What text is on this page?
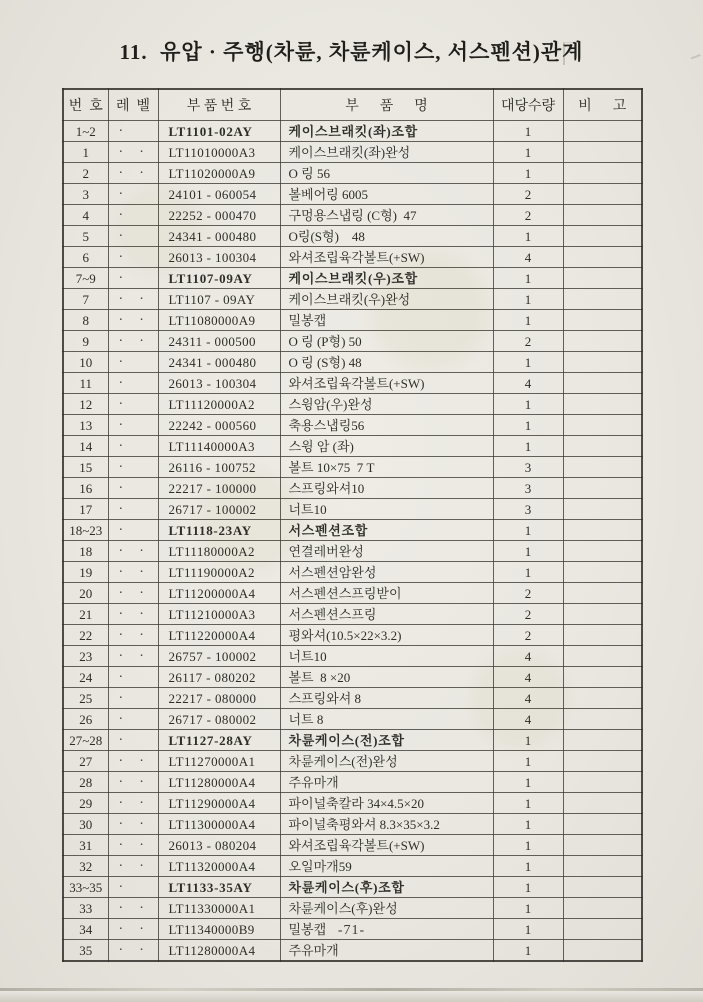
11.  유압 · 주행(차륜, 차륜케이스, 서스펜션)관계
번  호	레  벨	부 품 번 호	부      품      명	대당수량	비      고
1~2	·	LT1101-02AY	케이스브래킷(좌)조합	1	
1	· ·	LT11010000A3	케이스브래킷(좌)완성	1	
2	· ·	LT11020000A9	O 링 56	1	
3	·	24101 - 060054	볼베어링 6005	2	
4	·	22252 - 000470	구멍용스냅링 (C형)  47	2	
5	·	24341 - 000480	O링(S형)    48	1	
6	·	26013 - 100304	와셔조립육각볼트(+SW)	4	
7~9	·	LT1107-09AY	케이스브래킷(우)조합	1	
7	· ·	LT1107 - 09AY	케이스브래킷(우)완성	1	
8	· ·	LT11080000A9	밀봉캡	1	
9	· ·	24311 - 000500	O 링 (P형) 50	2	
10	·	24341 - 000480	O 링 (S형) 48	1	
11	·	26013 - 100304	와셔조립육각볼트(+SW)	4	
12	·	LT11120000A2	스윙암(우)완성	1	
13	·	22242 - 000560	축용스냅링56	1	
14	·	LT11140000A3	스윙 암 (좌)	1	
15	·	26116 - 100752	볼트 10×75  7 T	3	
16	·	22217 - 100000	스프링와셔10	3	
17	·	26717 - 100002	너트10	3	
18~23	·	LT1118-23AY	서스펜션조합	1	
18	· ·	LT11180000A2	연결레버완성	1	
19	· ·	LT11190000A2	서스펜션암완성	1	
20	· ·	LT11200000A4	서스펜션스프링받이	2	
21	· ·	LT11210000A3	서스펜션스프링	2	
22	· ·	LT11220000A4	평와셔(10.5×22×3.2)	2	
23	· ·	26757 - 100002	너트10	4	
24	·	26117 - 080202	볼트  8 ×20	4	
25	·	22217 - 080000	스프링와셔 8	4	
26	·	26717 - 080002	너트 8	4	
27~28	·	LT1127-28AY	차륜케이스(전)조합	1	
27	· ·	LT11270000A1	차륜케이스(전)완성	1	
28	· ·	LT11280000A4	주유마개	1	
29	· ·	LT11290000A4	파이널축칼라 34×4.5×20	1	
30	· ·	LT11300000A4	파이널축평와셔 8.3×35×3.2	1	
31	· ·	26013 - 080204	와셔조립육각볼트(+SW)	1	
32	· ·	LT11320000A4	오일마개59	1	
33~35	·	LT1133-35AY	차륜케이스(후)조합	1	
33	· ·	LT11330000A1	차륜케이스(후)완성	1	
34	· ·	LT11340000B9	밀봉캡	1	
35	· ·	LT11280000A4	주유마개	1	
-71-
